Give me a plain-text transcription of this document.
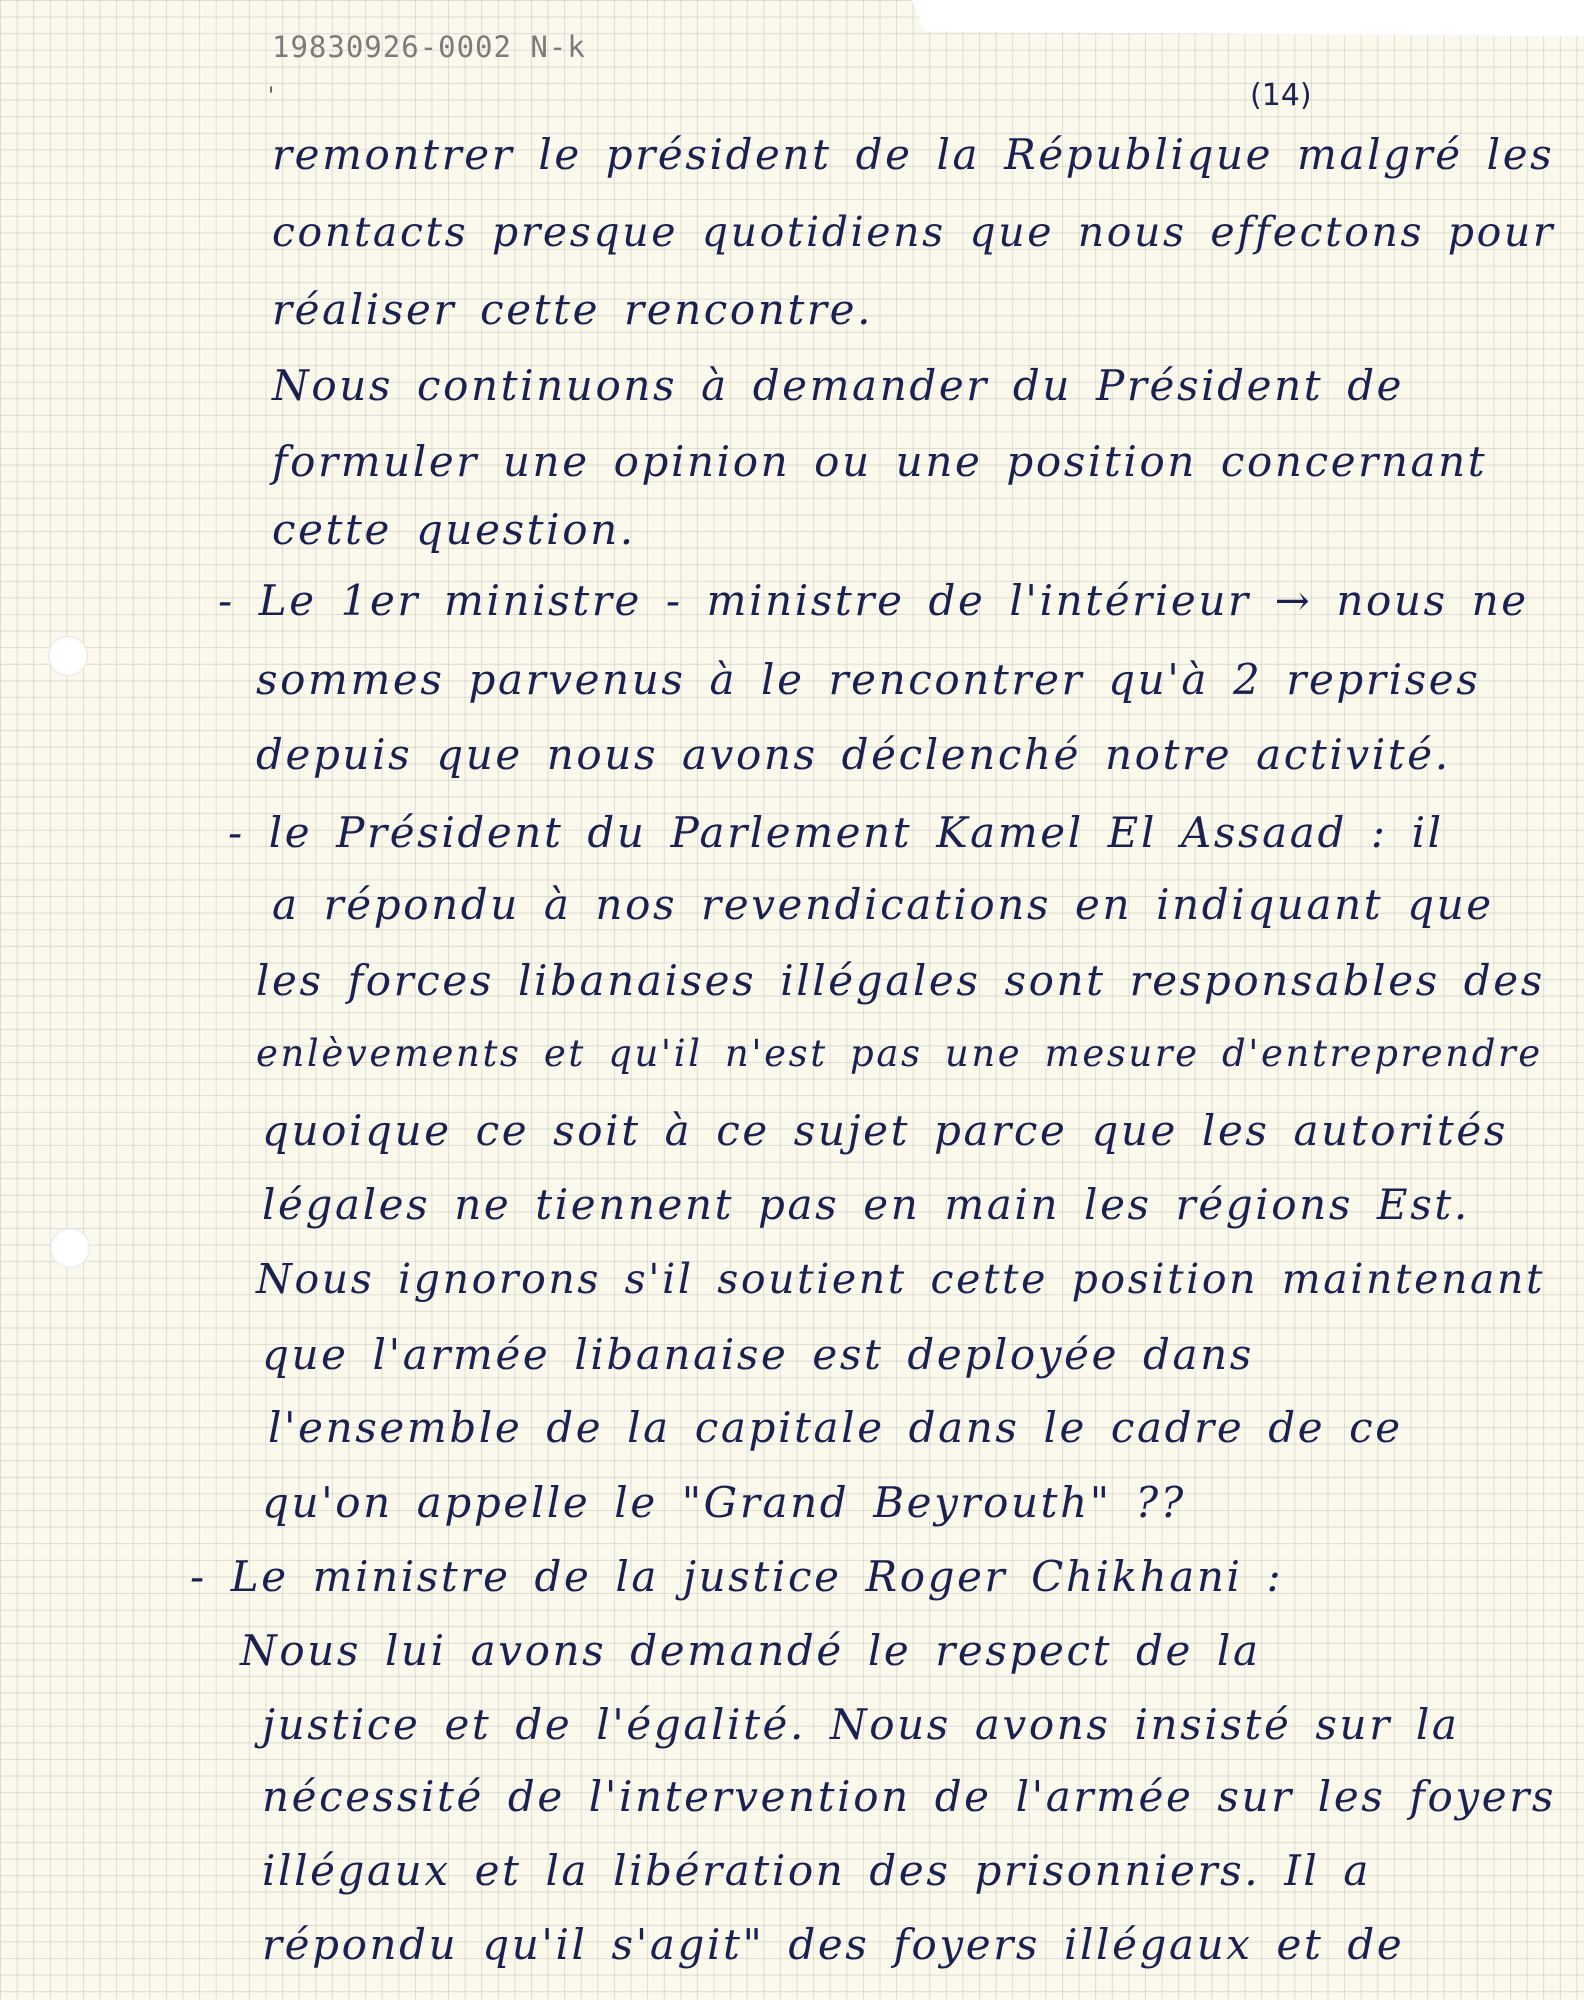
19830926-0002 N-k
'	(14)
remontrer le président de la République malgré les
contacts presque quotidiens que nous effectons pour
réaliser cette rencontre.
Nous continuons à demander du Président de
formuler une opinion ou une position concernant
cette question.
- Le 1er ministre - ministre de l'intérieur → nous ne
sommes parvenus à le rencontrer qu'à 2 reprises
depuis que nous avons déclenché notre activité.
- le Président du Parlement Kamel El Assaad : il
a répondu à nos revendications en indiquant que
les forces libanaises illégales sont responsables des
enlèvements et qu'il n'est pas une mesure d'entreprendre
quoique ce soit à ce sujet parce que les autorités
légales ne tiennent pas en main les régions Est.
Nous ignorons s'il soutient cette position maintenant
que l'armée libanaise est deployée dans
l'ensemble de la capitale dans le cadre de ce
qu'on appelle le "Grand Beyrouth" ??
- Le ministre de la justice Roger Chikhani :
Nous lui avons demandé le respect de la
justice et de l'égalité. Nous avons insisté sur la
nécessité de l'intervention de l'armée sur les foyers
illégaux et la libération des prisonniers. Il a
répondu qu'il s'agit" des foyers illégaux et de
